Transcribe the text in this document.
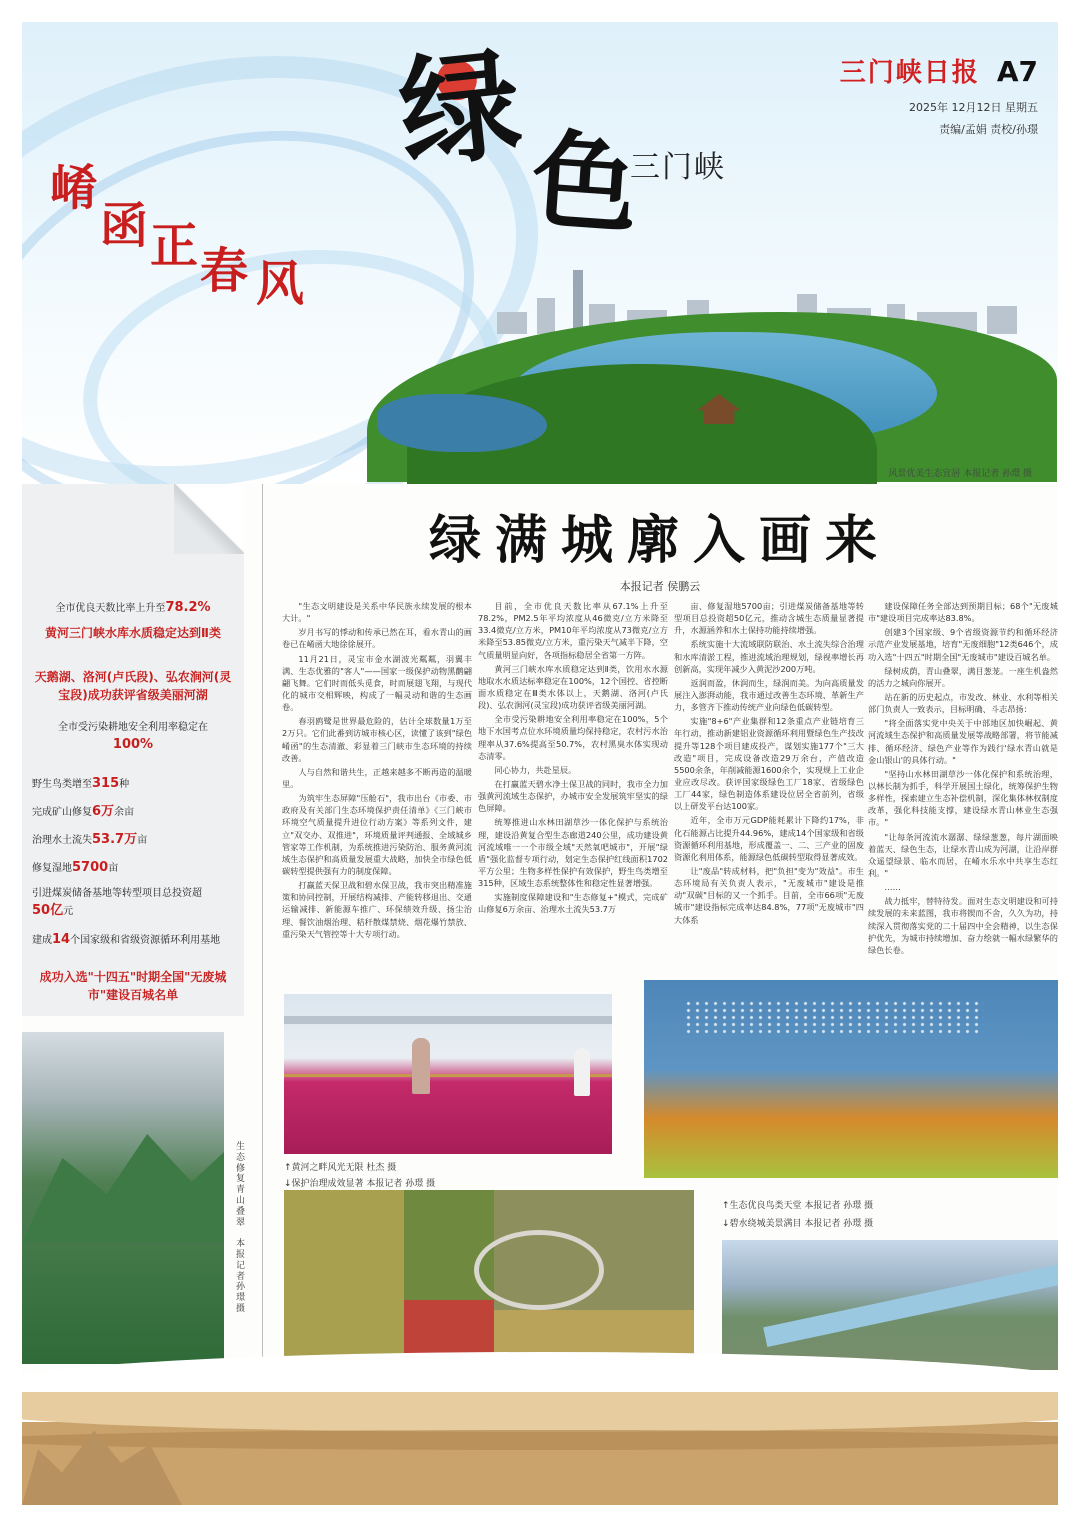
三门峡日报 A7
2025年 12月12日 星期五
责编/孟娟 责校/孙璟
绿 色
三门峡
崤
函 正 春 风
风景优美生态宜居 本报记者 孙璟 摄
全市优良天数比率上升至78.2%
黄河三门峡水库水质稳定达到Ⅱ类
天鹅湖、洛河(卢氏段)、弘农涧河(灵宝段)成功获评省级美丽河湖
全市受污染耕地安全利用率稳定在
100%
野生鸟类增至315种
完成矿山修复6万余亩
治理水土流失53.7万亩
修复湿地5700亩
引进煤炭储备基地等转型项目总投资超
50亿元
建成14个国家级和省级资源循环利用基地
成功入选"十四五"时期全国"无废城市"建设百城名单
绿满城廓入画来
本报记者 侯鹏云

"生态文明建设是关系中华民族永续发展的根本大计。"

岁月书写的悸动和传承已然在耳，看水青山的画卷已在崤函大地徐徐展开。

11月21日，灵宝市金水湖波光粼粼，羽翼丰满、生态优雅的"客人"——国家一级保护动物黑鹳翩翩飞舞。它们时而低头觅食，时而展翅飞翔，与现代化的城市交相辉映，构成了一幅灵动和谐的生态画卷。

春羽鸥鹭是世界最危险的，估计全球数量1万至2万只。它们此番到访城市核心区，读懂了该到"绿色崤函"的生态清澈、彩显着三门峡市生态环境的持续改善。

人与自然和谐共生，正越来越多不断再造的温暖里。

为筑牢生态屏障"压舱石"，我市出台《市委、市政府及有关部门生态环境保护责任清单》《三门峡市环境空气质量提升进位行动方案》等系列文件，建立"双交办、双推进"，环境质量评判通报、全域城乡管家等工作机制，为系统推进污染防治、服务黄河流域生态保护和高质量发展重大战略，加快全市绿色低碳转型提供强有力的制度保障。

打赢蓝天保卫战和碧水保卫战，我市突出精准施策和协同控制，开展结构减排、产能转移退出、交通运输减排、新能源车推广、环保绩效升级、扬尘治理、餐饮油烟治理、秸秆散煤禁烧、烟花爆竹禁放、重污染天气管控等十大专项行动。

目前，全市优良天数比率从67.1%上升至78.2%，PM2.5年平均浓度从46微克/立方米降至33.4微克/立方米，PM10年平均浓度从73微克/立方米降至53.85微克/立方米，重污染天气减半下降，空气质量明显向好，各项指标稳居全省第一方阵。

黄河三门峡水库水质稳定达到Ⅱ类，饮用水水源地取水水质达标率稳定在100%，12个国控、省控断面水质稳定在Ⅲ类水体以上，天鹅湖、洛河(卢氏段)、弘农涧河(灵宝段)成功获评省级美丽河湖。

全市受污染耕地安全利用率稳定在100%，5个地下水国考点位水环境质量均保持稳定，农村污水治理率从37.6%提高至50.7%，农村黑臭水体实现动态清零。

同心协力，共赴星辰。

在打赢蓝天碧水净土保卫战的同时，我市全力加强黄河流域生态保护，办城市安全发展筑牢坚实的绿色屏障。

统筹推进山水林田湖草沙一体化保护与系统治理，建设沿黄复合型生态廊道240公里，成功建设黄河流域唯一一个市级全域"天然氧吧城市"，开展"绿盾"强化监督专项行动，划定生态保护红线面积1702平方公里；生物多样性保护有效保护，野生鸟类增至315种，区域生态系统整体性和稳定性显著增强。

实施制度保障建设和"生态修复+"模式，完成矿山修复6万余亩、治理水土流失53.7万

亩、修复湿地5700亩；引进煤炭储备基地等转型项目总投资超50亿元，推动含城生态质量显著提升，水源涵养和水土保持功能持续增强。

系统实施十大流域联防联治、水土流失综合治理和水库清淤工程，推进流域治理规划，绿视率增长再创新高，实现年减少入黄泥沙200万吨。

返润而盈，休润而生，绿润而美。为向高质量发展注入澎湃动能，我市通过改善生态环境、革新生产力，多管齐下推动传统产业向绿色低碳转型。

实施"8+6"产业集群和12条重点产业链培育三年行动，推动新建铝业资源循环利用暨绿色生产技改提升等128个项目建成投产，谋划实施177个"三大改造"项目，完成设备改造29万余台，产值改造5500余条，年削减能源1600余个，实现规上工业企业应改尽改。获评国家级绿色工厂18家、省级绿色工厂44家，绿色制造体系建设位居全省前列，省级以上研发平台达100家。

近年，全市万元GDP能耗累计下降约17%，非化石能源占比提升44.96%，建成14个国家级和省级资源循环利用基地，形成覆盖一、二、三产业的固废资源化利用体系，能源绿色低碳转型取得显著成效。

让"废品"转成材料，把"负担"变为"效益"。市生态环境局有关负责人表示，"无废城市"建设是推动"双碳"目标的又一个抓手。目前，全市66项"无废城市"建设指标完成率达84.8%，77项"无废城市"四大体系

建设保障任务全部达到预期目标；68个"无废城市"建设项目完成率达83.8%。

创建3个国家级、9个省级资源节约和循环经济示范产业发展基地，培育"无废细胞"12类646个，成功入选"十四五"时期全国"无废城市"建设百城名单。

绿树成荫，青山叠翠，满目葱茏。一座生机盎然的活力之城向你展开。

站在新的历史起点，市发改、林业、水利等相关部门负责人一致表示，目标明确、斗志昂扬：

"将全面落实党中央关于中部地区加快崛起、黄河流域生态保护和高质量发展等战略部署，将节能减排、循环经济、绿色产业等作为践行'绿水青山就是金山银山'的具体行动。"

"坚持山水林田湖草沙一体化保护和系统治理，以林长制为抓手，科学开展国土绿化，统筹保护生物多样性，探索建立生态补偿机制，深化集体林权制度改革，强化科技能支撑，建设绿水青山林业生态强市。"

"让每条河流流水潺潺、绿绿葱葱，每片湖面映着蓝天、绿色生态，让绿水青山成为河湖，让沿岸群众遥望绿景、临水而居，在崤水乐水中共享生态红利。"

……

战力抵牢，替特待发。面对生态文明建设和可持续发展的未来蓝图，我市将锲而不舍，久久为功，持续深入贯彻落实党的二十届四中全会精神，以生态保护优先，为城市持续增加、奋力绘就一幅水绿繁华的绿色长卷。

↑黄河之畔风光无限 杜杰 摄
↓保护治理成效显著 本报记者 孙璟 摄
↑生态优良鸟类天堂 本报记者 孙璟 摄
↓碧水绕城美景满目 本报记者 孙璟 摄
生态修复青山叠翠

本报记者 孙璟 摄
